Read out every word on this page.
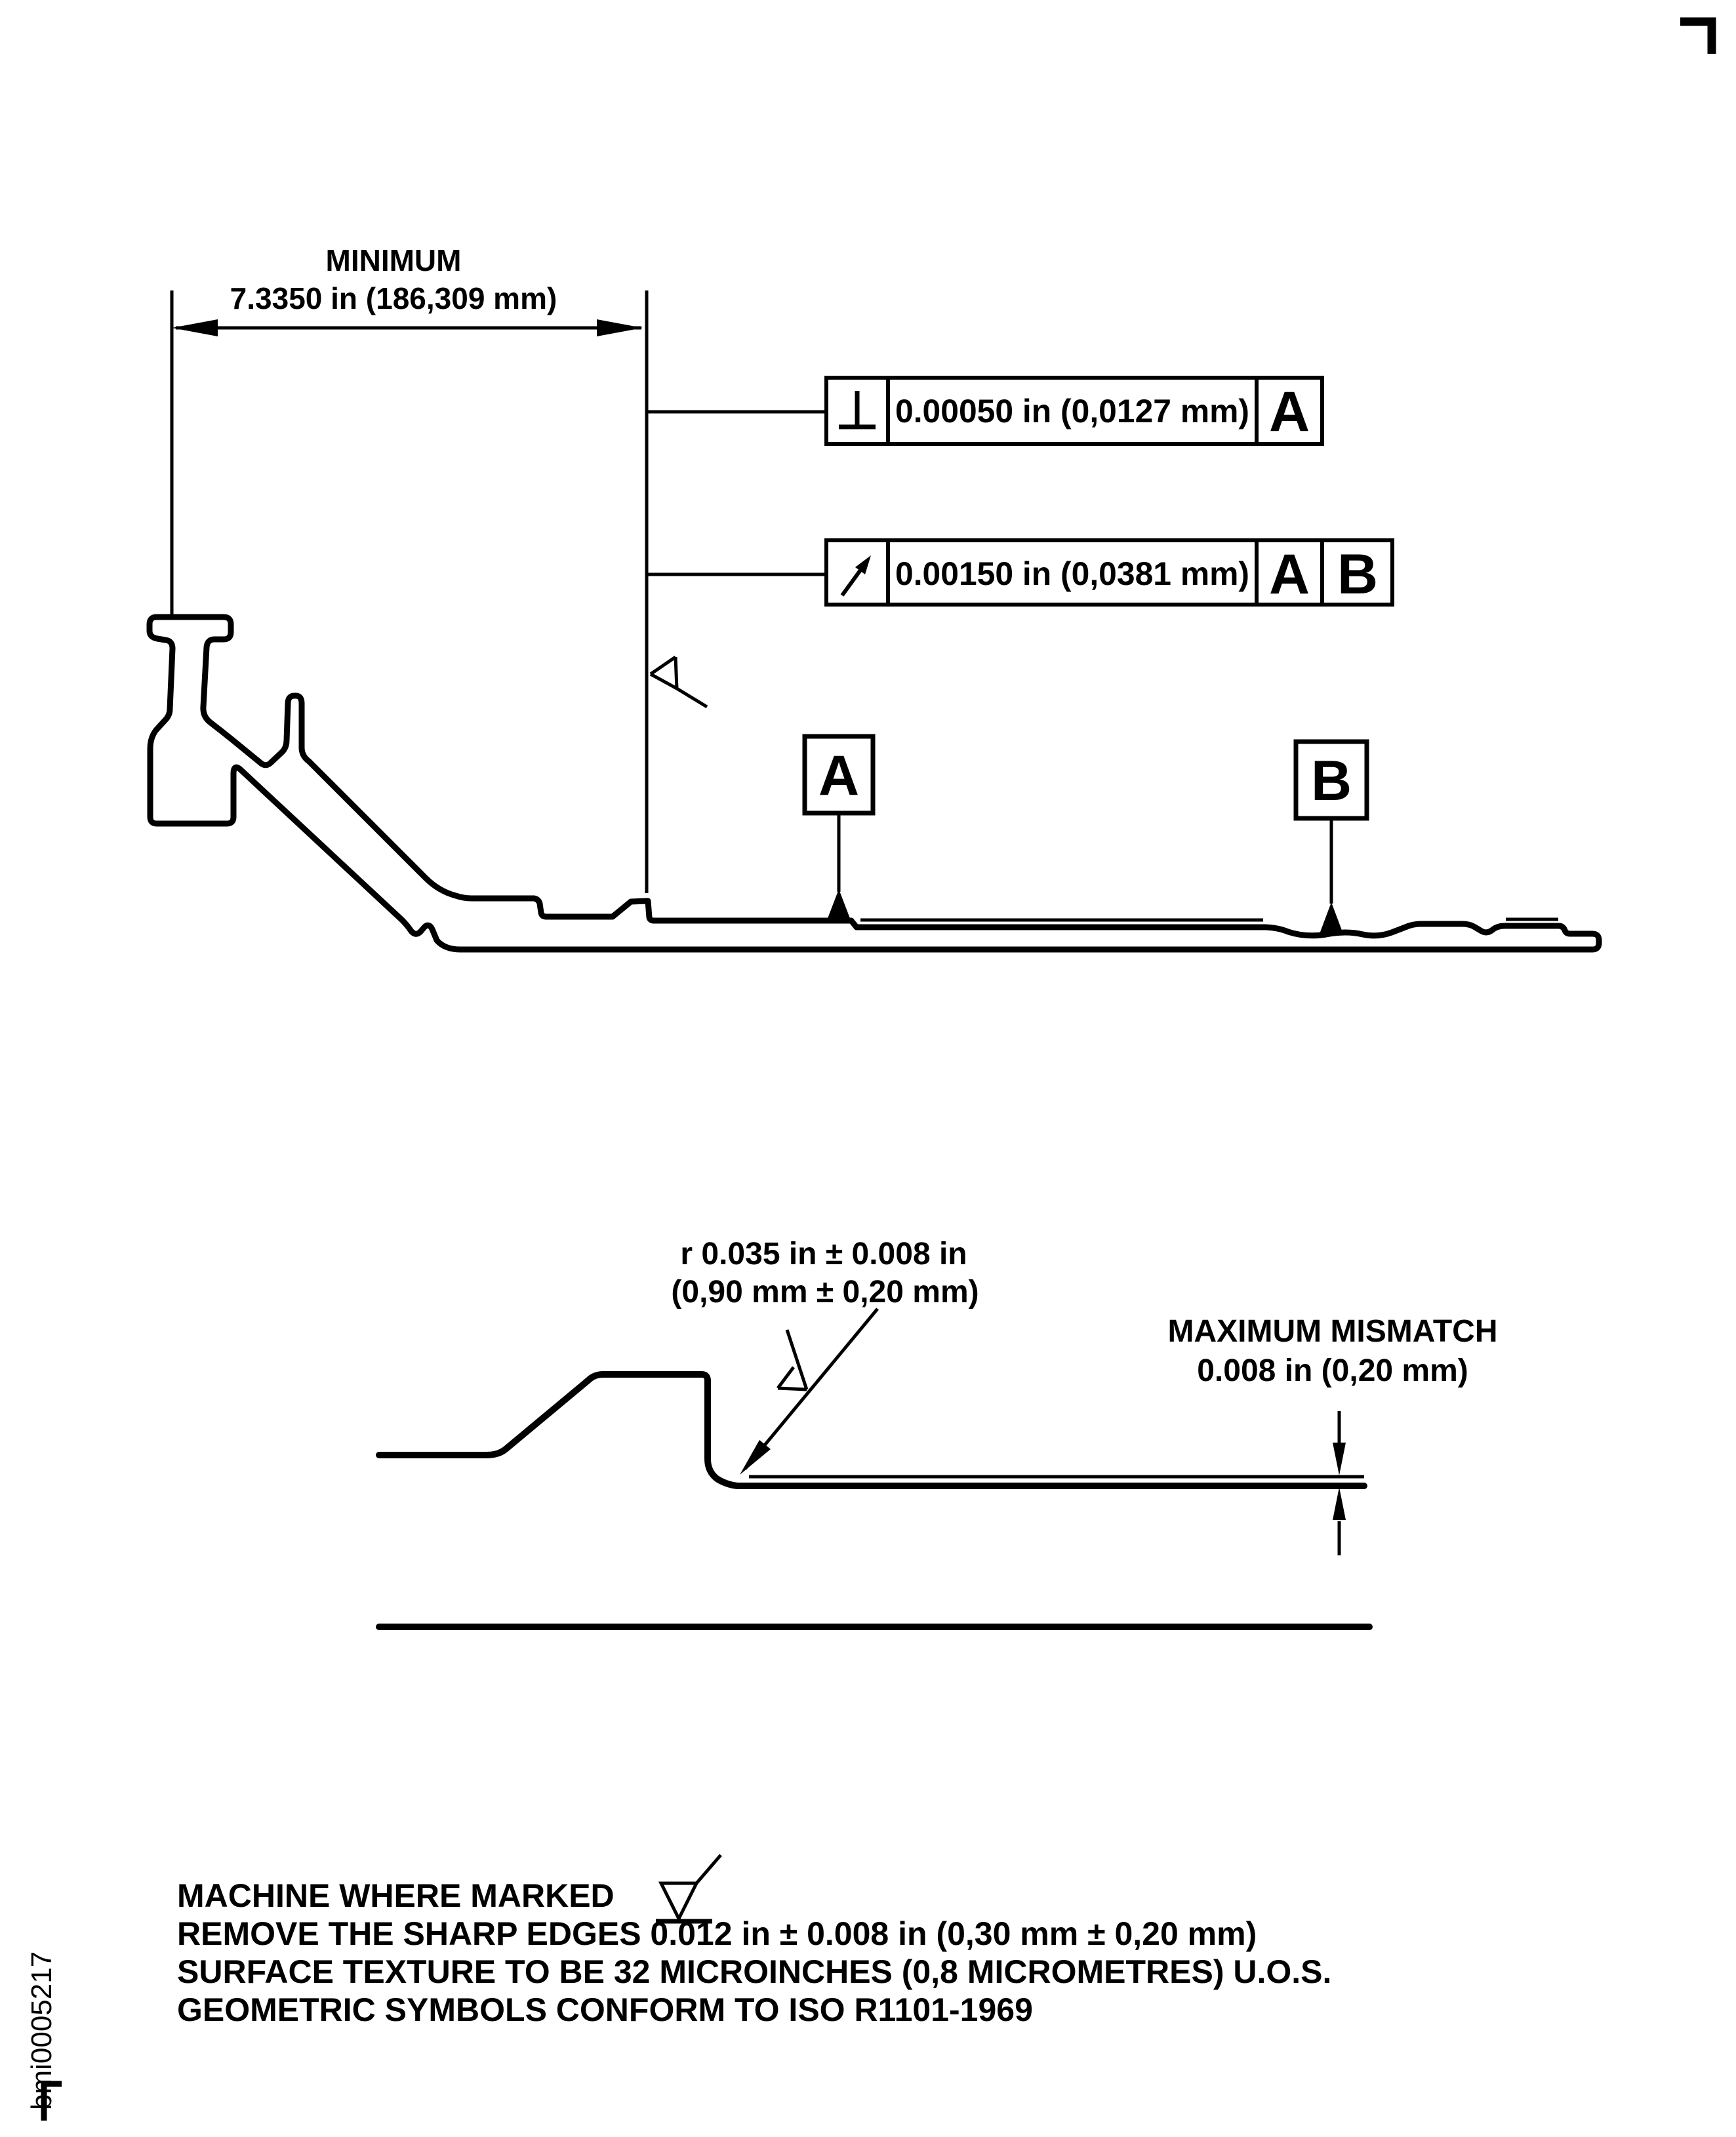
MINIMUM
7.3350 in (186,309 mm)
0.00050 in (0,0127 mm) A
0.00150 in (0,0381 mm) A B
A	B
r 0.035 in ± 0.008 in
(0,90 mm ± 0,20 mm)
MAXIMUM MISMATCH
0.008 in (0,20 mm)
MACHINE WHERE MARKED
REMOVE THE SHARP EDGES 0.012 in ± 0.008 in (0,30 mm ± 0,20 mm)
SURFACE TEXTURE TO BE 32 MICROINCHES (0,8 MICROMETRES) U.O.S.
GEOMETRIC SYMBOLS CONFORM TO ISO R1101-1969
bmi0005217
